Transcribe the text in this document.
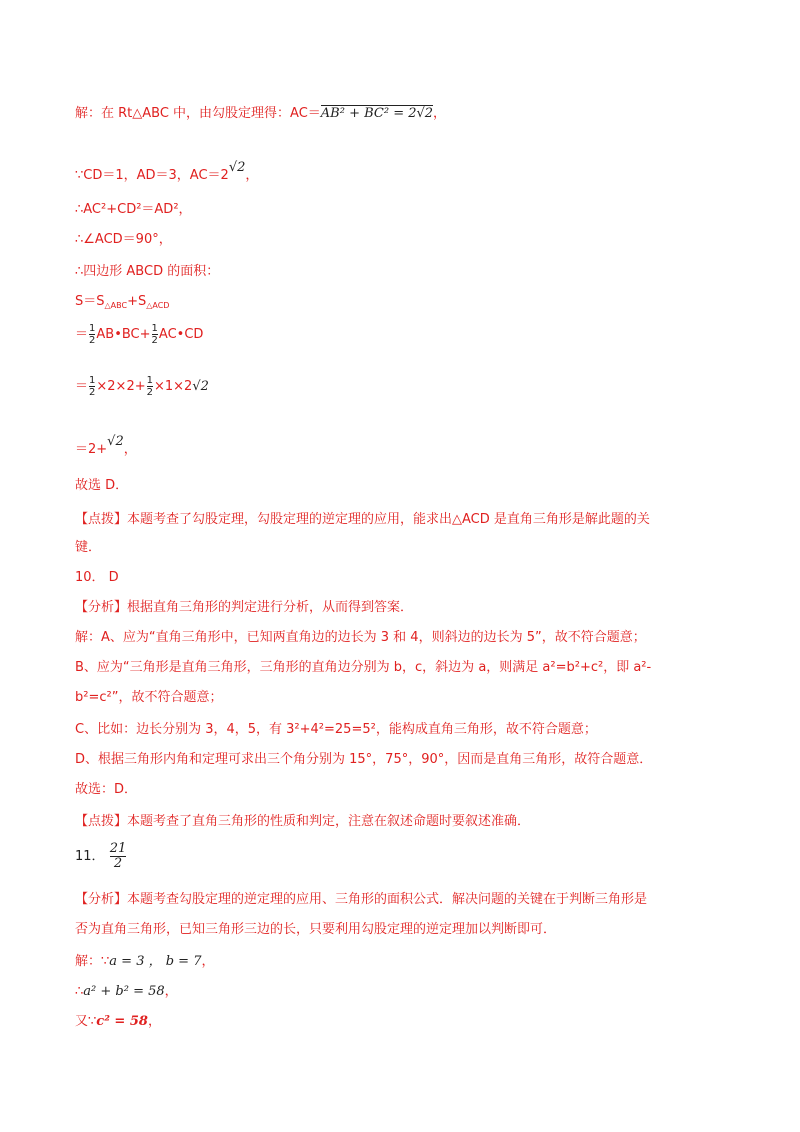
解：在 Rt△ABC 中，由勾股定理得：AC＝AB² + BC² = 2√2，
∵CD＝1，AD＝3，AC＝2√2，
∴AC²+CD²＝AD²，
∴∠ACD＝90°，
∴四边形 ABCD 的面积：
$S=S_{\triangle ABC}+S_{\triangle ACD}$
＝ $\frac{1}{2}$ AB•BC+ $\frac{1}{2}$ AC•CD
＝ $\frac{1}{2} \times 2\times 2+ \frac{1}{2} \times 1\times 2√2$
＝2+√2，
故选 D．
【点拨】本题考查了勾股定理，勾股定理的逆定理的应用，能求出△ACD 是直角三角形是解此题的关
键．
10． D
【分析】根据直角三角形的判定进行分析，从而得到答案．
解：A、应为“直角三角形中，已知两直角边的边长为 3 和 4，则斜边的边长为 5”，故不符合题意；
B、应为“三角形是直角三角形，三角形的直角边分别为 b，c，斜边为 a，则满足 a²=b²+c²，即 a²-
b²=c²”，故不符合题意；
C、比如：边长分别为 3，4，5，有 3²+4²=25=5²，能构成直角三角形，故不符合题意；
D、根据三角形内角和定理可求出三个角分别为 15°，75°，90°，因而是直角三角形，故符合题意．
故选：D．
【点拨】本题考查了直角三角形的性质和判定，注意在叙述命题时要叙述准确．
11． $\frac{21}{2}$
【分析】本题考查勾股定理的逆定理的应用、三角形的面积公式．解决问题的关键在于判断三角形是
否为直角三角形，已知三角形三边的长，只要利用勾股定理的逆定理加以判断即可．
解：∵a = 3 ， b = 7，
∴a² + b² = 58，
又∵c² = 58，
